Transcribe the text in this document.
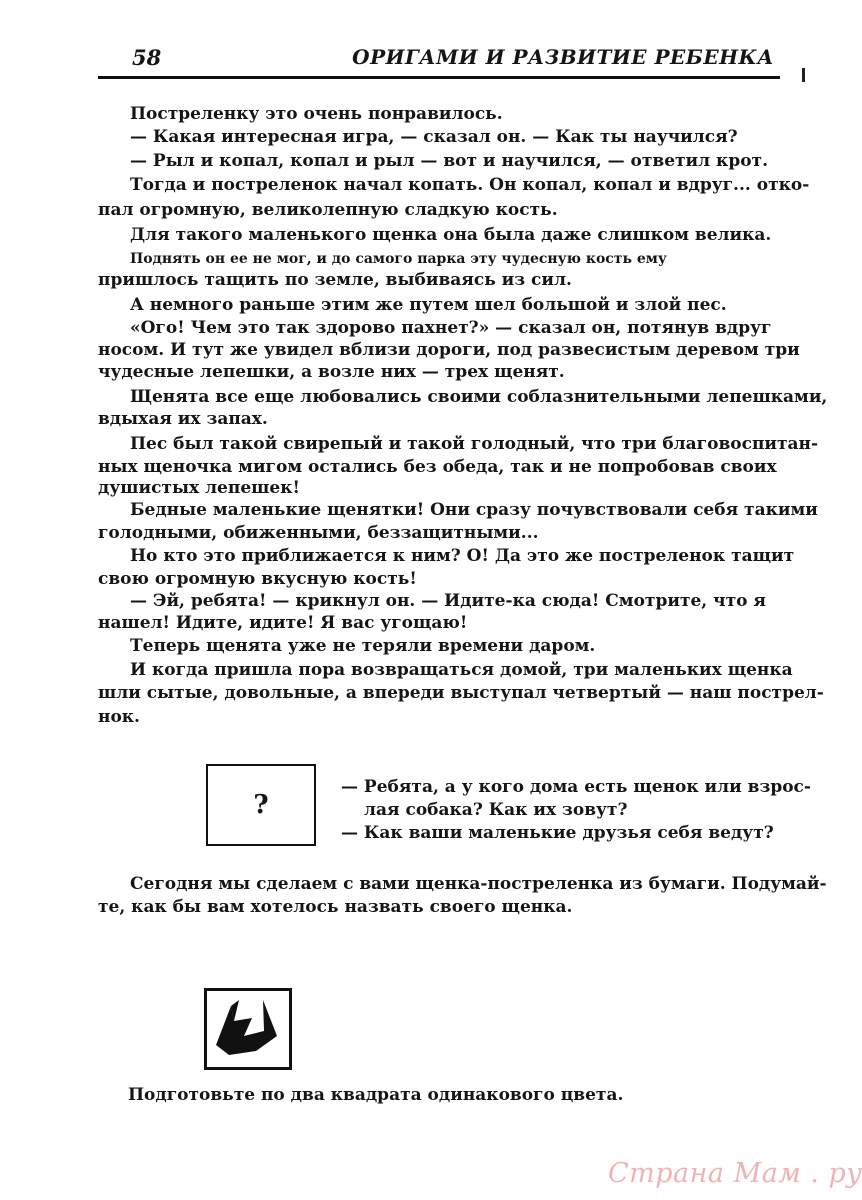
58	ОРИГАМИ И РАЗВИТИЕ РЕБЕНКА
Постреленку это очень понравилось.
— Какая интересная игра, — сказал он. — Как ты научился?
— Рыл и копал, копал и рыл — вот и научился, — ответил крот.
Тогда и постреленок начал копать. Он копал, копал и вдруг... отко-
пал огромную, великолепную сладкую кость.
Для такого маленького щенка она была даже слишком велика.
Поднять он ее не мог, и до самого парка эту чудесную кость ему
пришлось тащить по земле, выбиваясь из сил.
А немного раньше этим же путем шел большой и злой пес.
«Ого! Чем это так здорово пахнет?» — сказал он, потянув вдруг
носом. И тут же увидел вблизи дороги, под развесистым деревом три
чудесные лепешки, а возле них — трех щенят.
Щенята все еще любовались своими соблазнительными лепешками,
вдыхая их запах.
Пес был такой свирепый и такой голодный, что три благовоспитан-
ных щеночка мигом остались без обеда, так и не попробовав своих
душистых лепешек!
Бедные маленькие щенятки! Они сразу почувствовали себя такими
голодными, обиженными, беззащитными...
Но кто это приближается к ним? О! Да это же постреленок тащит
свою огромную вкусную кость!
— Эй, ребята! — крикнул он. — Идите-ка сюда! Смотрите, что я
нашел! Идите, идите! Я вас угощаю!
Теперь щенята уже не теряли времени даром.
И когда пришла пора возвращаться домой, три маленьких щенка
шли сытые, довольные, а впереди выступал четвертый — наш пострел-
нок.
?
— Ребята, а у кого дома есть щенок или взрос-
лая собака? Как их зовут?
— Как ваши маленькие друзья себя ведут?
Сегодня мы сделаем с вами щенка-постреленка из бумаги. Подумай-
те, как бы вам хотелось назвать своего щенка.
Подготовьте по два квадрата одинакового цвета.
Страна Мам . ру
